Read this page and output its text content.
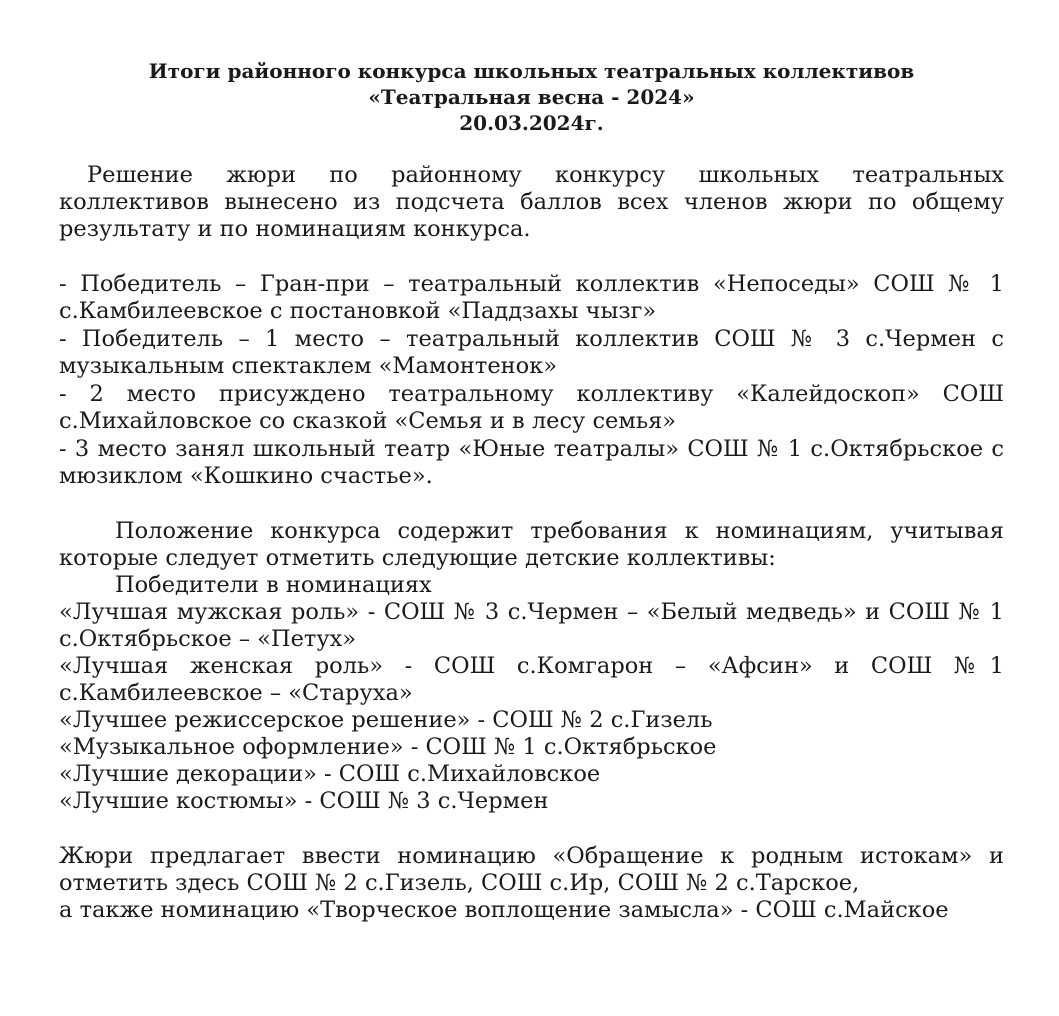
Итоги районного конкурса школьных театральных коллективов
«Театральная весна - 2024»
20.03.2024г.
Решение жюри по районному конкурсу школьных театральных коллективов вынесено из подсчета баллов всех членов жюри по общему результату и по номинациям конкурса.
- Победитель – Гран-при – театральный коллектив «Непоседы» СОШ № 1 с.Камбилеевское с постановкой «Паддзахы чызг»
- Победитель – 1 место – театральный коллектив СОШ № 3 с.Чермен с музыкальным спектаклем «Мамонтенок»
- 2 место присуждено театральному коллективу «Калейдоскоп» СОШ с.Михайловское со сказкой «Семья и в лесу семья»
- 3 место занял школьный театр «Юные театралы» СОШ № 1 с.Октябрьское с мюзиклом «Кошкино счастье».
Положение конкурса содержит требования к номинациям, учитывая которые следует отметить следующие детские коллективы:
Победители в номинациях
«Лучшая мужская роль» - СОШ № 3 с.Чермен – «Белый медведь» и СОШ № 1 с.Октябрьское – «Петух»
«Лучшая женская роль» - СОШ с.Комгарон – «Афсин» и СОШ №1 с.Камбилеевское – «Старуха»
«Лучшее режиссерское решение» - СОШ № 2 с.Гизель
«Музыкальное оформление» - СОШ № 1 с.Октябрьское
«Лучшие декорации» - СОШ с.Михайловское
«Лучшие костюмы» - СОШ № 3 с.Чермен
Жюри предлагает ввести номинацию «Обращение к родным истокам» и отметить здесь СОШ № 2 с.Гизель, СОШ с.Ир, СОШ № 2 с.Тарское,
а также номинацию «Творческое воплощение замысла» - СОШ с.Майское
